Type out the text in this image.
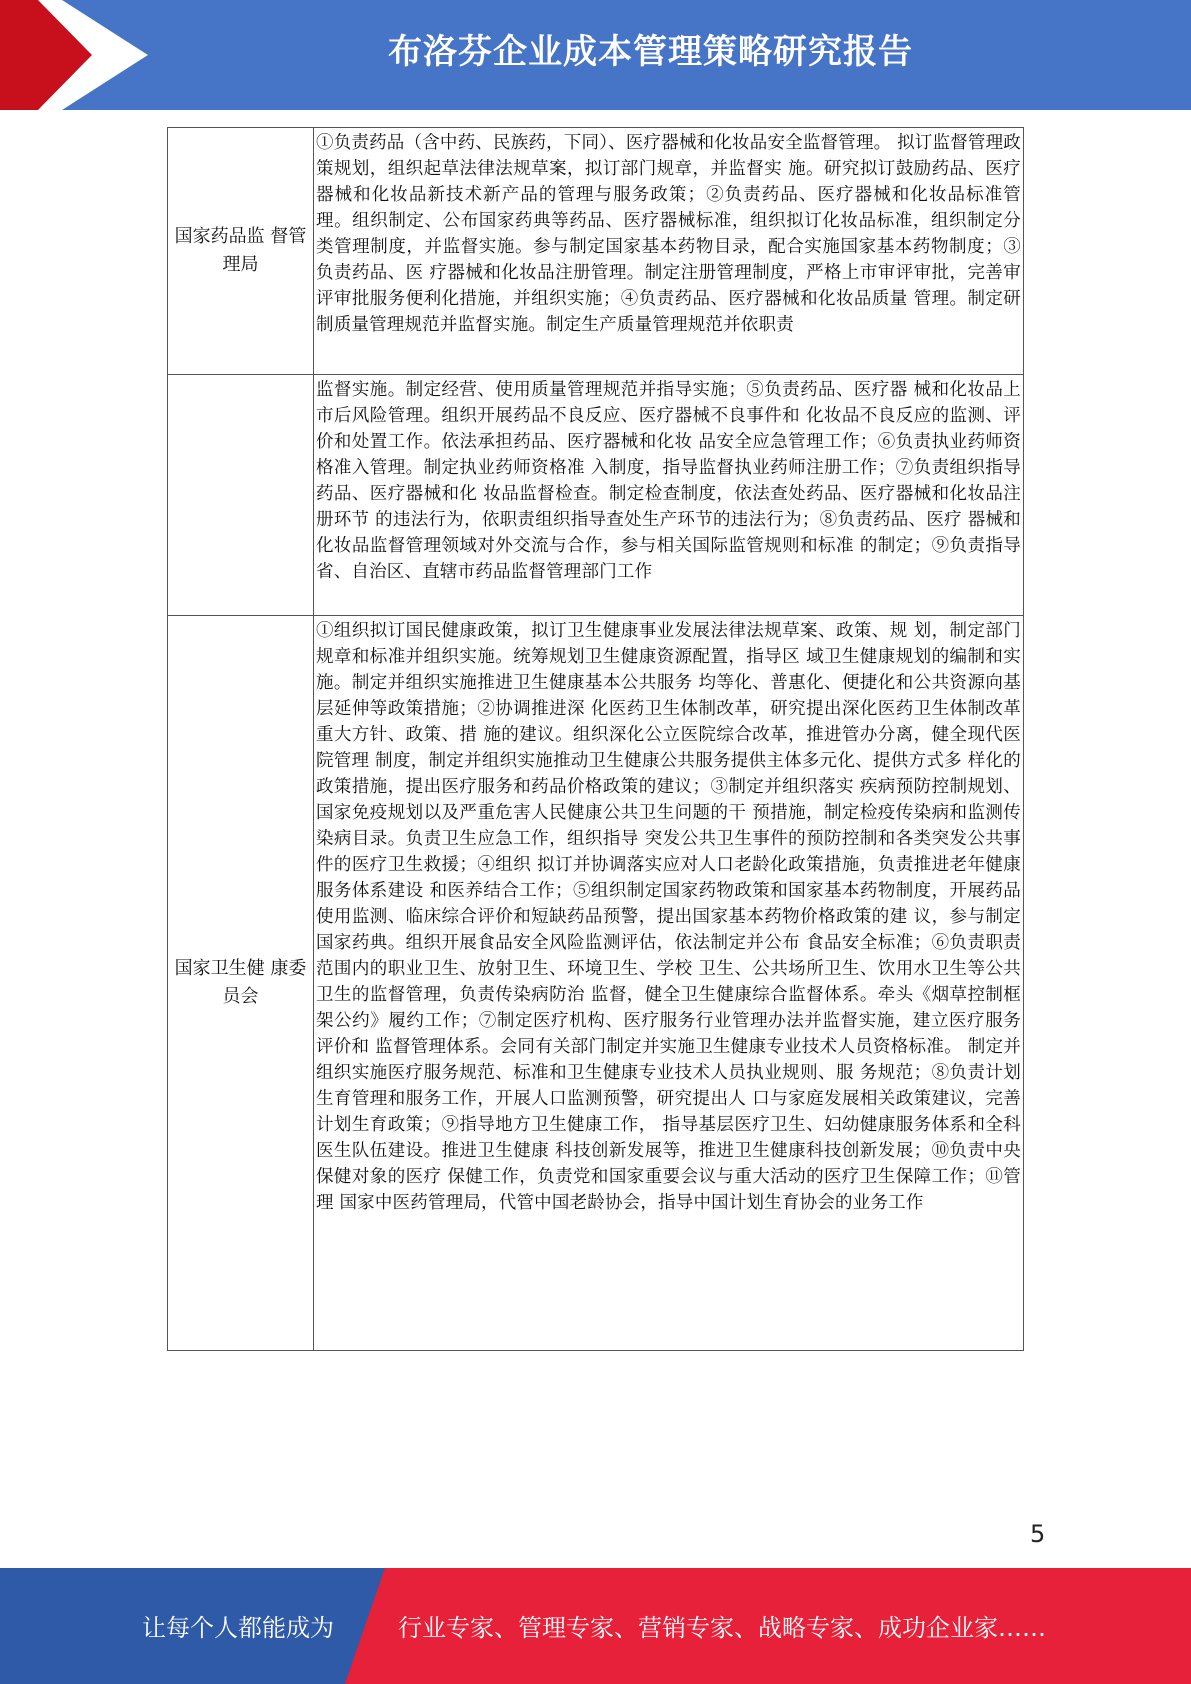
布洛芬企业成本管理策略研究报告
国家药品监 督管理局	①负责药品（含中药、民族药，下同）、医疗器械和化妆品安全监督管理。 拟订监督管理政策规划，组织起草法律法规草案，拟订部门规章，并监督实 施。研究拟订鼓励药品、医疗器械和化妆品新技术新产品的管理与服务政策；②负责药品、医疗器械和化妆品标准管理。组织制定、公布国家药典等药品、医疗器械标准，组织拟订化妆品标准，组织制定分类管理制度，并监督实施。参与制定国家基本药物目录，配合实施国家基本药物制度；③负责药品、医 疗器械和化妆品注册管理。制定注册管理制度，严格上市审评审批，完善审 评审批服务便利化措施，并组织实施；④负责药品、医疗器械和化妆品质量 管理。制定研制质量管理规范并监督实施。制定生产质量管理规范并依职责
	监督实施。制定经营、使用质量管理规范并指导实施；⑤负责药品、医疗器 械和化妆品上市后风险管理。组织开展药品不良反应、医疗器械不良事件和 化妆品不良反应的监测、评价和处置工作。依法承担药品、医疗器械和化妆 品安全应急管理工作；⑥负责执业药师资格准入管理。制定执业药师资格准 入制度，指导监督执业药师注册工作；⑦负责组织指导药品、医疗器械和化 妆品监督检查。制定检查制度，依法查处药品、医疗器械和化妆品注册环节 的违法行为，依职责组织指导查处生产环节的违法行为；⑧负责药品、医疗 器械和化妆品监督管理领域对外交流与合作，参与相关国际监管规则和标准 的制定；⑨负责指导省、自治区、直辖市药品监督管理部门工作
国家卫生健 康委员会	①组织拟订国民健康政策，拟订卫生健康事业发展法律法规草案、政策、规 划，制定部门规章和标准并组织实施。统筹规划卫生健康资源配置，指导区 域卫生健康规划的编制和实施。制定并组织实施推进卫生健康基本公共服务 均等化、普惠化、便捷化和公共资源向基层延伸等政策措施；②协调推进深 化医药卫生体制改革，研究提出深化医药卫生体制改革重大方针、政策、措 施的建议。组织深化公立医院综合改革，推进管办分离，健全现代医院管理 制度，制定并组织实施推动卫生健康公共服务提供主体多元化、提供方式多 样化的政策措施，提出医疗服务和药品价格政策的建议；③制定并组织落实 疾病预防控制规划、国家免疫规划以及严重危害人民健康公共卫生问题的干 预措施，制定检疫传染病和监测传染病目录。负责卫生应急工作，组织指导 突发公共卫生事件的预防控制和各类突发公共事件的医疗卫生救援；④组织 拟订并协调落实应对人口老龄化政策措施，负责推进老年健康服务体系建设 和医养结合工作；⑤组织制定国家药物政策和国家基本药物制度，开展药品 使用监测、临床综合评价和短缺药品预警，提出国家基本药物价格政策的建 议，参与制定国家药典。组织开展食品安全风险监测评估，依法制定并公布 食品安全标准；⑥负责职责范围内的职业卫生、放射卫生、环境卫生、学校 卫生、公共场所卫生、饮用水卫生等公共卫生的监督管理，负责传染病防治 监督，健全卫生健康综合监督体系。牵头《烟草控制框架公约》履约工作；⑦制定医疗机构、医疗服务行业管理办法并监督实施，建立医疗服务评价和 监督管理体系。会同有关部门制定并实施卫生健康专业技术人员资格标准。 制定并组织实施医疗服务规范、标准和卫生健康专业技术人员执业规则、服 务规范；⑧负责计划生育管理和服务工作，开展人口监测预警，研究提出人 口与家庭发展相关政策建议，完善计划生育政策；⑨指导地方卫生健康工作， 指导基层医疗卫生、妇幼健康服务体系和全科医生队伍建设。推进卫生健康 科技创新发展等，推进卫生健康科技创新发展；⑩负责中央保健对象的医疗 保健工作，负责党和国家重要会议与重大活动的医疗卫生保障工作；⑪管理 国家中医药管理局，代管中国老龄协会，指导中国计划生育协会的业务工作
5
让每个人都能成为	行业专家、管理专家、营销专家、战略专家、成功企业家……
